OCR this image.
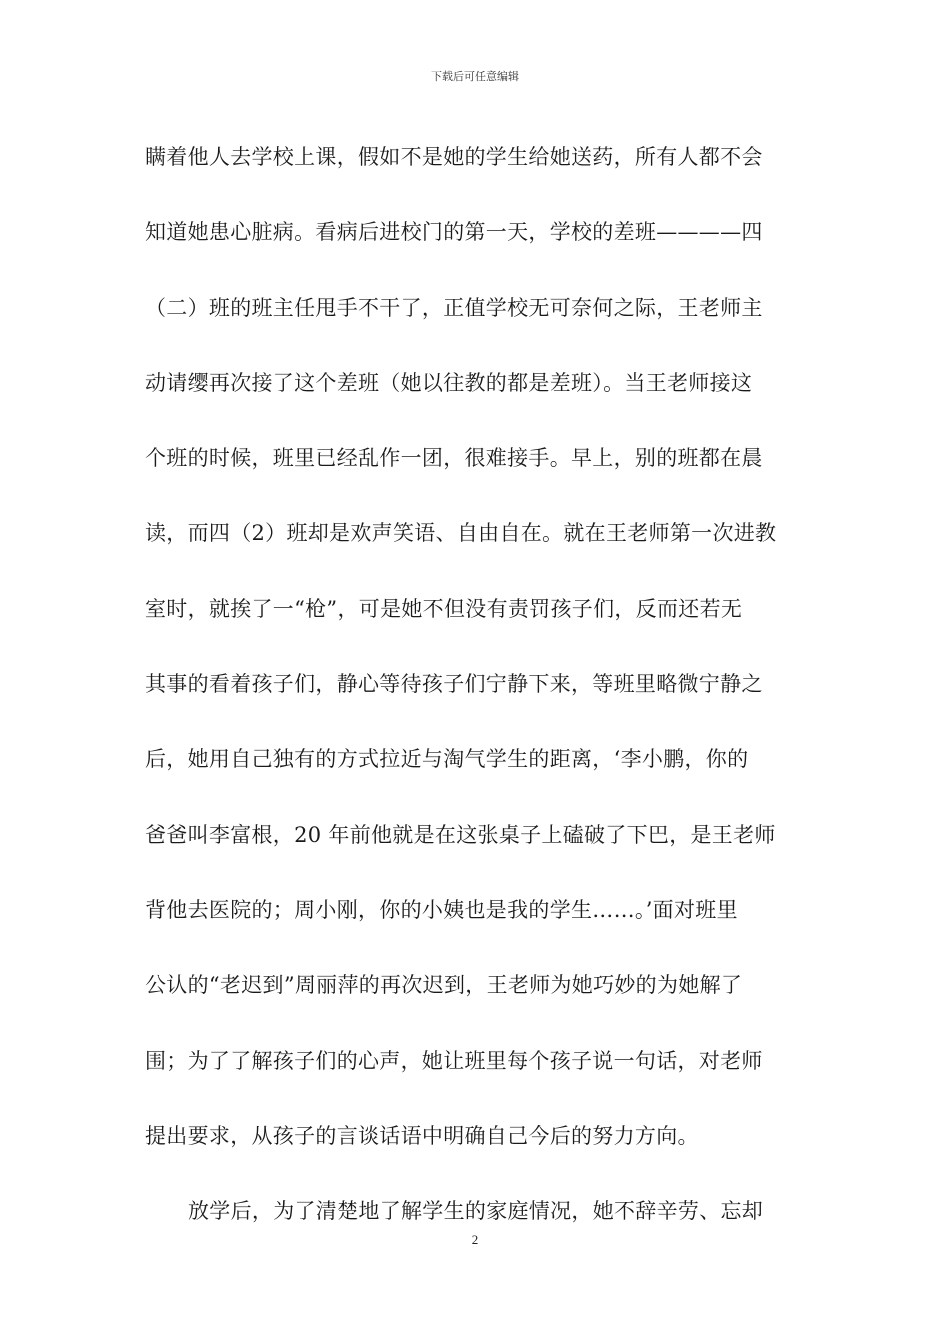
下载后可任意编辑
瞒着他人去学校上课，假如不是她的学生给她送药，所有人都不会
知道她患心脏病。看病后进校门的第一天，学校的差班————四
（二）班的班主任甩手不干了，正值学校无可奈何之际，王老师主
动请缨再次接了这个差班（她以往教的都是差班）。当王老师接这
个班的时候，班里已经乱作一团，很难接手。早上，别的班都在晨
读，而四（2）班却是欢声笑语、自由自在。就在王老师第一次进教
室时，就挨了一“枪”，可是她不但没有责罚孩子们，反而还若无
其事的看着孩子们，静心等待孩子们宁静下来，等班里略微宁静之
后，她用自己独有的方式拉近与淘气学生的距离，‘李小鹏，你的
爸爸叫李富根，20 年前他就是在这张桌子上磕破了下巴，是王老师
背他去医院的；周小刚，你的小姨也是我的学生……。’面对班里
公认的“老迟到”周丽萍的再次迟到，王老师为她巧妙的为她解了
围；为了了解孩子们的心声，她让班里每个孩子说一句话，对老师
提出要求，从孩子的言谈话语中明确自己今后的努力方向。
放学后，为了清楚地了解学生的家庭情况，她不辞辛劳、忘却
2
